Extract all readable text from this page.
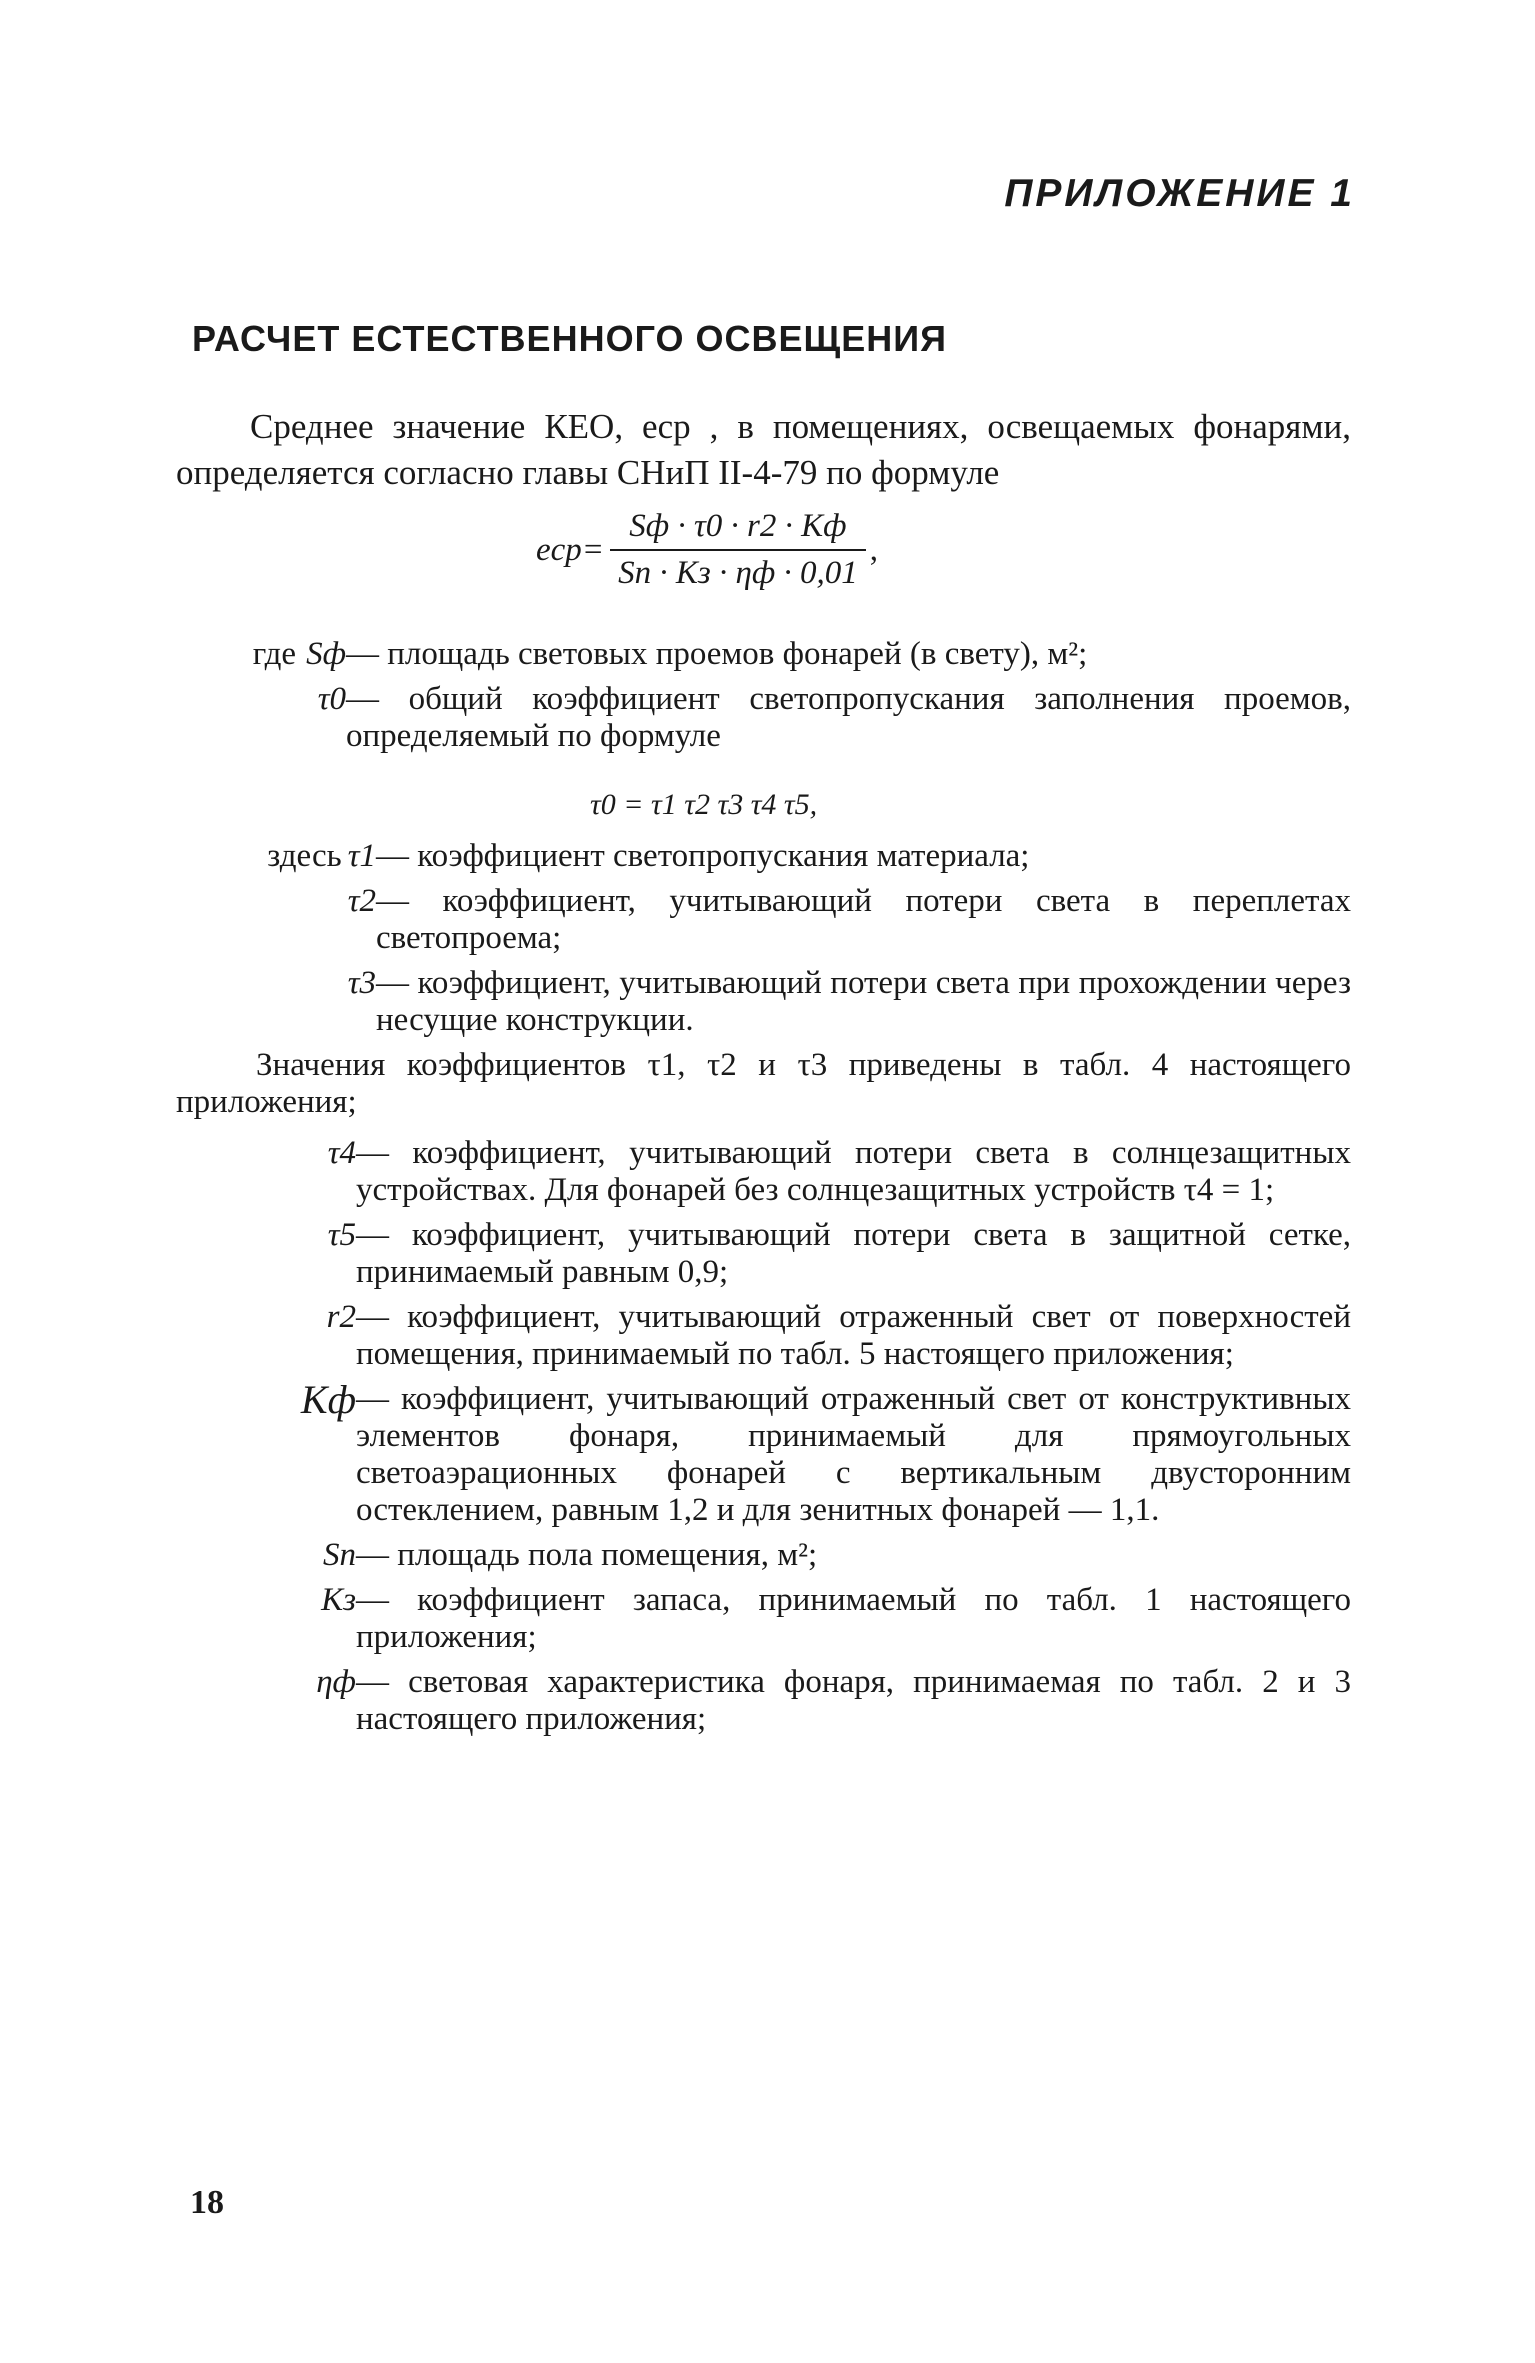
ПРИЛОЖЕНИЕ 1
РАСЧЕТ ЕСТЕСТВЕННОГО ОСВЕЩЕНИЯ
Среднее значение КЕО, eср , в помещениях, освещаемых фонарями, определяется согласно главы СНиП II-4-79 по формуле
$eср= \frac{Sф \cdot \tau 0 \cdot r2 \cdot Kф}{Sп \cdot Kз \cdot \eta ф \cdot 0,01}$ ,
где Sф — площадь световых проемов фонарей (в свету), м²;
τ0 — общий коэффициент светопропускания заполнения проемов, определяемый по формуле
τ0 = τ1 τ2 τ3 τ4 τ5,
здесь τ1 — коэффициент светопропускания материала;
τ2 — коэффициент, учитывающий потери света в переплетах светопроема;
τ3 — коэффициент, учитывающий потери света при прохождении через несущие конструкции.
Значения коэффициентов τ1, τ2 и τ3 приведены в табл. 4 настоящего приложения;
τ4 — коэффициент, учитывающий потери света в солнцезащитных устройствах. Для фонарей без солнцезащитных устройств τ4 = 1;
τ5 — коэффициент, учитывающий потери света в защитной сетке, принимаемый равным 0,9;
r2 — коэффициент, учитывающий отраженный свет от поверхностей помещения, принимаемый по табл. 5 настоящего приложения;
Kф — коэффициент, учитывающий отраженный свет от конструктивных элементов фонаря, принимаемый для прямоугольных светоаэрационных фонарей с вертикальным двусторонним остеклением, равным 1,2 и для зенитных фонарей — 1,1.
Sп — площадь пола помещения, м²;
Kз — коэффициент запаса, принимаемый по табл. 1 настоящего приложения;
ηф — световая характеристика фонаря, принимаемая по табл. 2 и 3 настоящего приложения;
18
